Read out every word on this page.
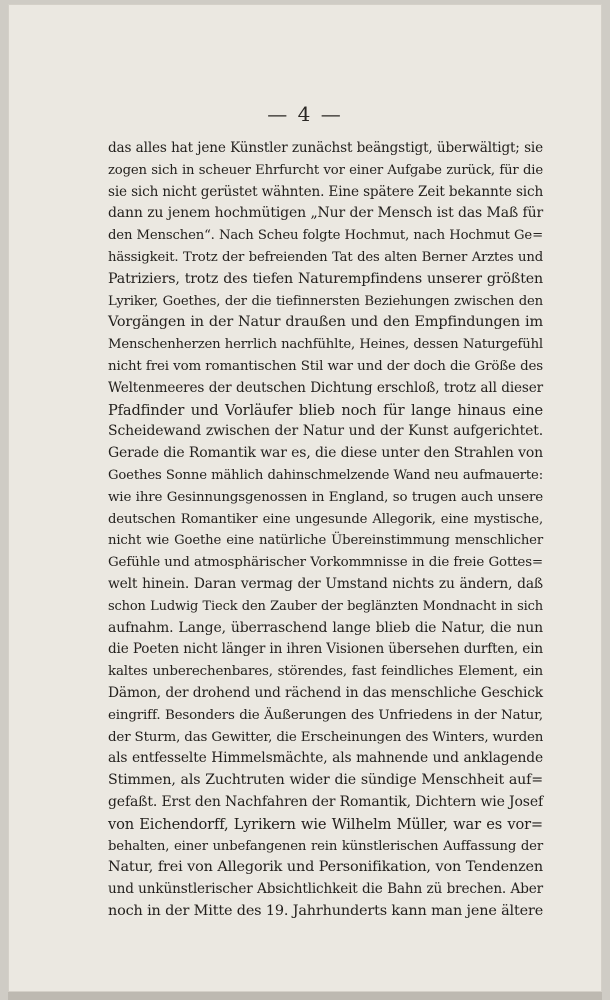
— 4 —
das alles hat jene Künstler zunächst beängstigt, überwältigt; sie
zogen sich in scheuer Ehrfurcht vor einer Aufgabe zurück, für die
sie sich nicht gerüstet wähnten. Eine spätere Zeit bekannte sich
dann zu jenem hochmütigen „Nur der Mensch ist das Maß für
den Menschen“. Nach Scheu folgte Hochmut, nach Hochmut Ge=
hässigkeit. Trotz der befreienden Tat des alten Berner Arztes und
Patriziers, trotz des tiefen Naturempfindens unserer größten
Lyriker, Goethes, der die tiefinnersten Beziehungen zwischen den
Vorgängen in der Natur draußen und den Empfindungen im
Menschenherzen herrlich nachfühlte, Heines, dessen Naturgefühl
nicht frei vom romantischen Stil war und der doch die Größe des
Weltenmeeres der deutschen Dichtung erschloß, trotz all dieser
Pfadfinder und Vorläufer blieb noch für lange hinaus eine
Scheidewand zwischen der Natur und der Kunst aufgerichtet.
Gerade die Romantik war es, die diese unter den Strahlen von
Goethes Sonne mählich dahinschmelzende Wand neu aufmauerte:
wie ihre Gesinnungsgenossen in England, so trugen auch unsere
deutschen Romantiker eine ungesunde Allegorik, eine mystische,
nicht wie Goethe eine natürliche Übereinstimmung menschlicher
Gefühle und atmosphärischer Vorkommnisse in die freie Gottes=
welt hinein. Daran vermag der Umstand nichts zu ändern, daß
schon Ludwig Tieck den Zauber der beglänzten Mondnacht in sich
aufnahm. Lange, überraschend lange blieb die Natur, die nun
die Poeten nicht länger in ihren Visionen übersehen durften, ein
kaltes unberechenbares, störendes, fast feindliches Element, ein
Dämon, der drohend und rächend in das menschliche Geschick
eingriff. Besonders die Äußerungen des Unfriedens in der Natur,
der Sturm, das Gewitter, die Erscheinungen des Winters, wurden
als entfesselte Himmelsmächte, als mahnende und anklagende
Stimmen, als Zuchtruten wider die sündige Menschheit auf=
gefaßt. Erst den Nachfahren der Romantik, Dichtern wie Josef
von Eichendorff, Lyrikern wie Wilhelm Müller, war es vor=
behalten, einer unbefangenen rein künstlerischen Auffassung der
Natur, frei von Allegorik und Personifikation, von Tendenzen
und unkünstlerischer Absichtlichkeit die Bahn zü brechen. Aber
noch in der Mitte des 19. Jahrhunderts kann man jene ältere
